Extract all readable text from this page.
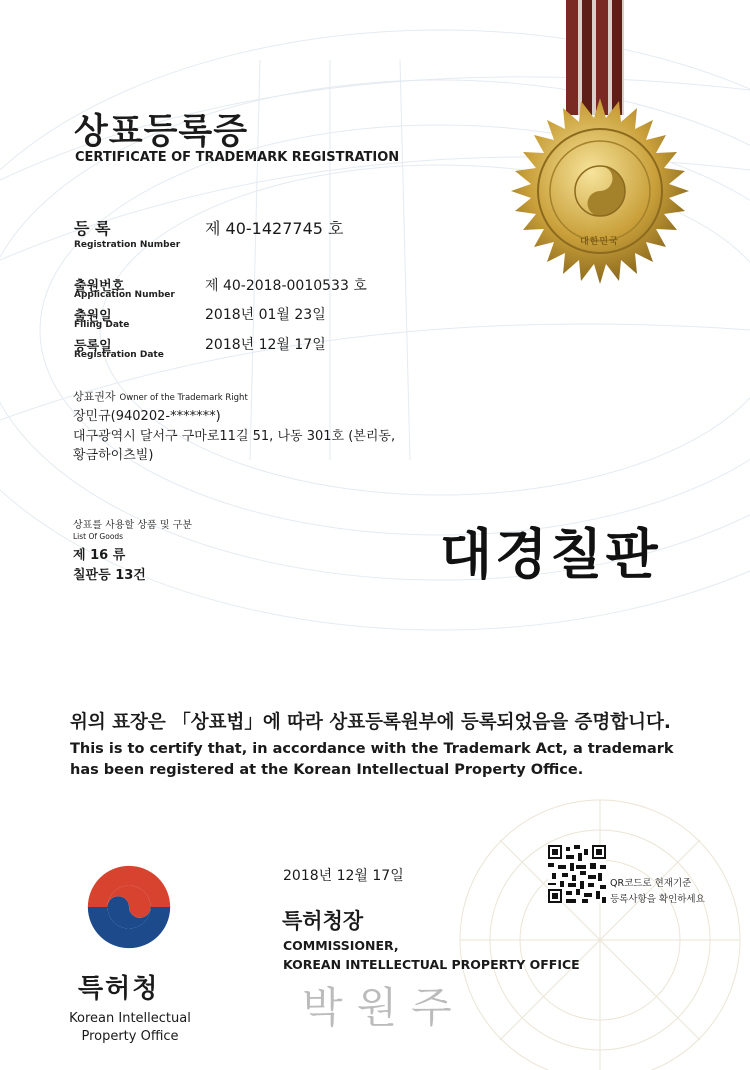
대한민국
상표등록증
CERTIFICATE OF TRADEMARK REGISTRATION
등 록
Registration Number
제 40-1427745 호
출원번호
Application Number
제 40-2018-0010533 호
출원일
Filing Date
2018년 01월 23일
등록일
Registration Date
2018년 12월 17일
상표권자 Owner of the Trademark Right
장민규(940202-*******)
대구광역시 달서구 구마로11길 51, 나동 301호 (본리동,
황금하이츠빌)
상표를 사용할 상품 및 구분
List Of Goods
제 16 류
칠판등 13건	대경칠판
위의 표장은 「상표법」에 따라 상표등록원부에 등록되었음을 증명합니다.
This is to certify that, in accordance with the Trademark Act, a trademark
has been registered at the Korean Intellectual Property Office.
2018년 12월 17일
특허청장
COMMISSIONER,
KOREAN INTELLECTUAL PROPERTY OFFICE
박원주
QR코드로 현재기준
등록사항을 확인하세요
특허청
Korean Intellectual
Property Office
